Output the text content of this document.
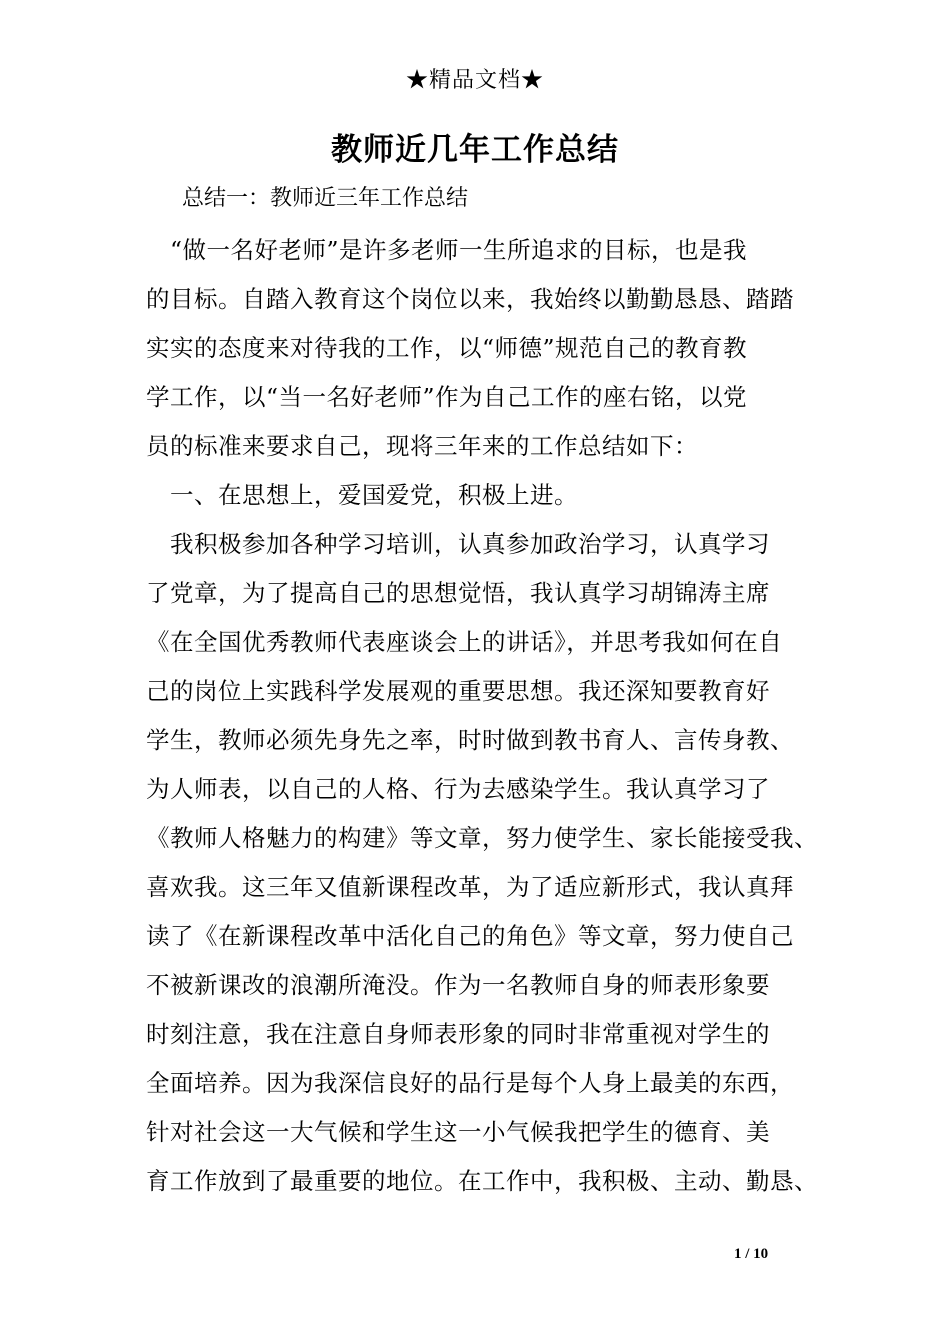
★精品文档★
教师近几年工作总结
总结一：教师近三年工作总结
“做一名好老师”是许多老师一生所追求的目标，也是我
的目标。自踏入教育这个岗位以来，我始终以勤勤恳恳、踏踏
实实的态度来对待我的工作，以“师德”规范自己的教育教
学工作，以“当一名好老师”作为自己工作的座右铭，以党
员的标准来要求自己，现将三年来的工作总结如下：
一、在思想上，爱国爱党，积极上进。
我积极参加各种学习培训，认真参加政治学习，认真学习
了党章，为了提高自己的思想觉悟，我认真学习胡锦涛主席
《在全国优秀教师代表座谈会上的讲话》，并思考我如何在自
己的岗位上实践科学发展观的重要思想。我还深知要教育好
学生，教师必须先身先之率，时时做到教书育人、言传身教、
为人师表，以自己的人格、行为去感染学生。我认真学习了
《教师人格魅力的构建》等文章，努力使学生、家长能接受我、
喜欢我。这三年又值新课程改革，为了适应新形式，我认真拜
读了《在新课程改革中活化自己的角色》等文章，努力使自己
不被新课改的浪潮所淹没。作为一名教师自身的师表形象要
时刻注意，我在注意自身师表形象的同时非常重视对学生的
全面培养。因为我深信良好的品行是每个人身上最美的东西，
针对社会这一大气候和学生这一小气候我把学生的德育、美
育工作放到了最重要的地位。在工作中，我积极、主动、勤恳、
1 / 10
